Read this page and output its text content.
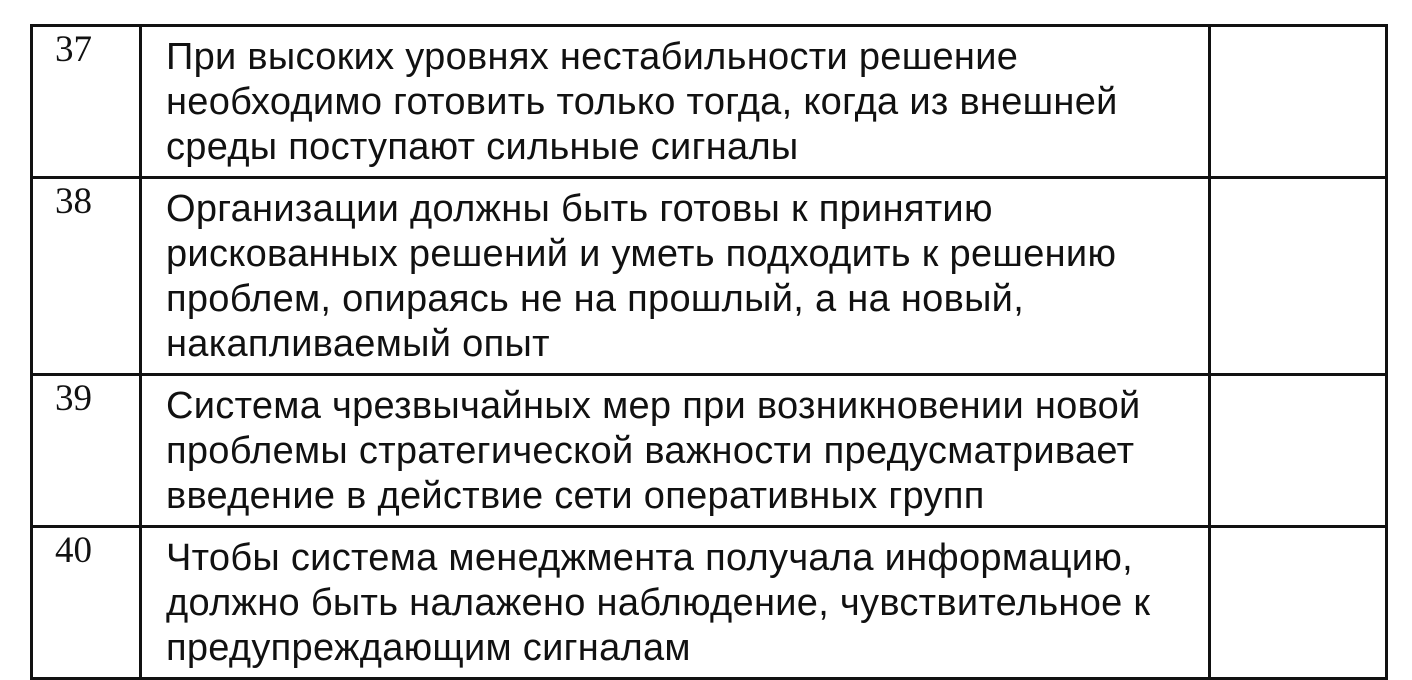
37	При высоких уровнях нестабильности решение необходимо готовить только тогда, когда из внешней среды поступают сильные сигналы	

38	Организации должны быть готовы к принятию рискованных решений и уметь подходить к решению проблем, опираясь не на прошлый, а на новый, накапливаемый опыт	

39	Система чрезвычайных мер при возникновении новой проблемы стратегической важности предусматривает введение в действие сети оперативных групп	

40	Чтобы система менеджмента получала информацию, должно быть налажено наблюдение, чувствительное к предупреждающим сигналам	
